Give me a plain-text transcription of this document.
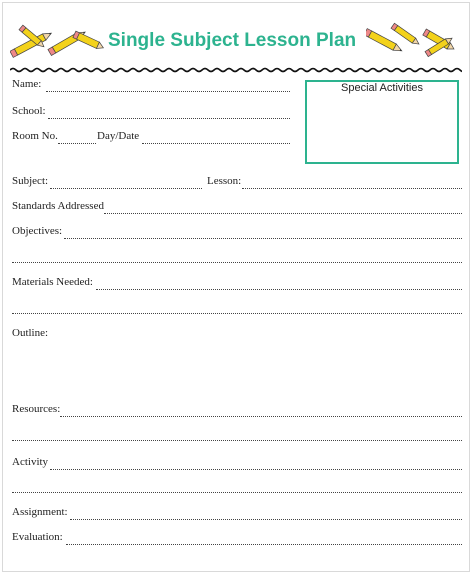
Single Subject Lesson Plan
Special Activities
Name:
School:
Room No.	Day/Date
Subject:	Lesson:
Standards Addressed
Objectives:
Materials Needed:
Outline:
Resources:
Activity
Assignment:
Evaluation:
